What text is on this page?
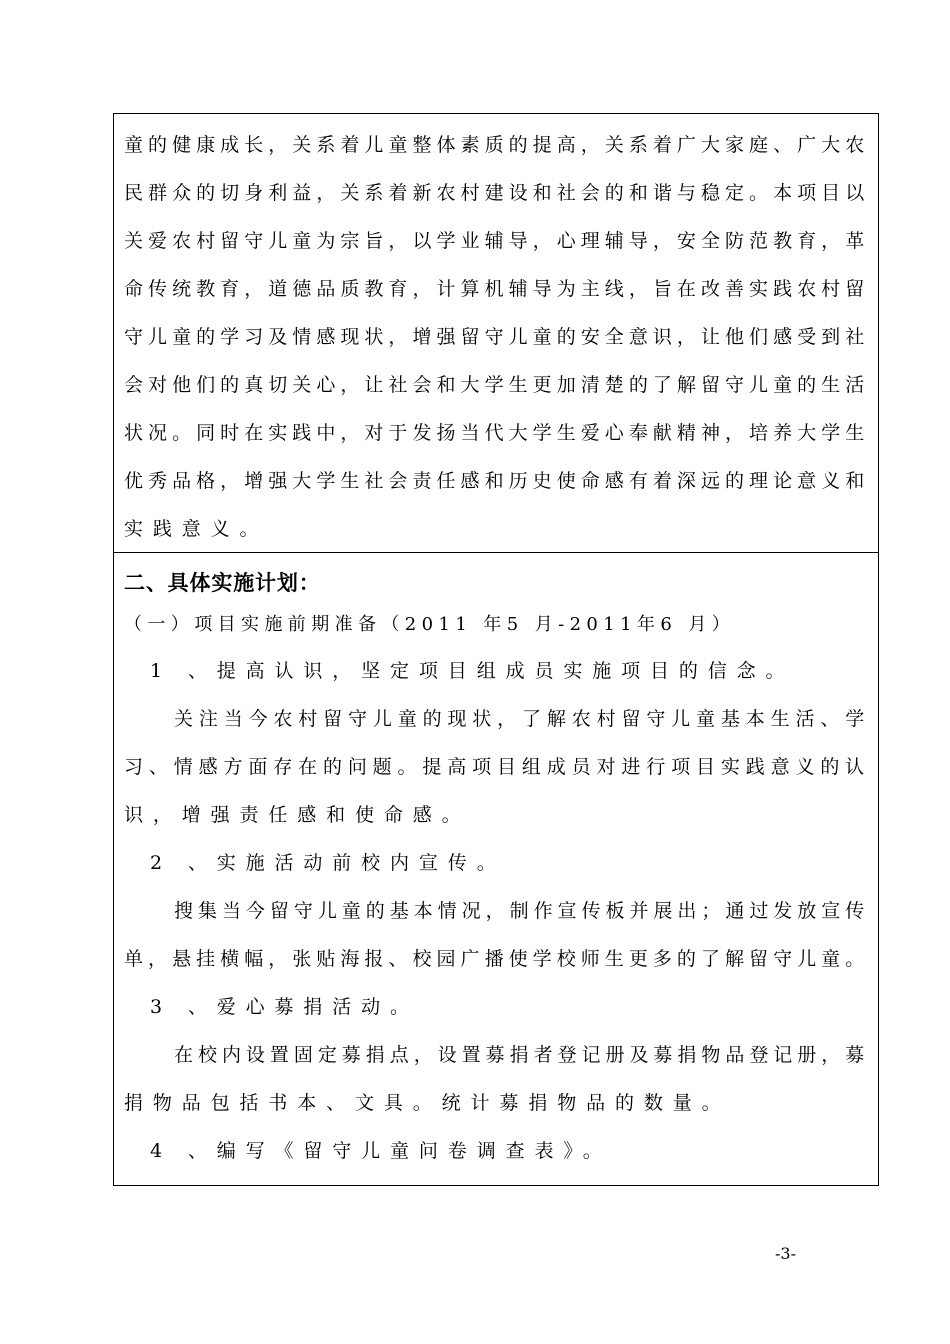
童的健康成长，关系着儿童整体素质的提高，关系着广大家庭、广大农
民群众的切身利益，关系着新农村建设和社会的和谐与稳定。本项目以
关爱农村留守儿童为宗旨，以学业辅导，心理辅导，安全防范教育，革
命传统教育，道德品质教育，计算机辅导为主线，旨在改善实践农村留
守儿童的学习及情感现状，增强留守儿童的安全意识，让他们感受到社
会对他们的真切关心，让社会和大学生更加清楚的了解留守儿童的生活
状况。同时在实践中，对于发扬当代大学生爱心奉献精神，培养大学生
优秀品格，增强大学生社会责任感和历史使命感有着深远的理论意义和
实践意义。
二、具体实施计划：
（一）项目实施前期准备（2011 年5 月-2011年6 月）
1 、提高认识，坚定项目组成员实施项目的信念。
关注当今农村留守儿童的现状，了解农村留守儿童基本生活、学
习、情感方面存在的问题。提高项目组成员对进行项目实践意义的认
识，增强责任感和使命感。
2 、实施活动前校内宣传。
搜集当今留守儿童的基本情况，制作宣传板并展出；通过发放宣传
单，悬挂横幅，张贴海报、校园广播使学校师生更多的了解留守儿童。
3 、爱心募捐活动。
在校内设置固定募捐点，设置募捐者登记册及募捐物品登记册，募
捐物品包括书本、文具。统计募捐物品的数量。
4 、编写《留守儿童问卷调查表》。
-3-
